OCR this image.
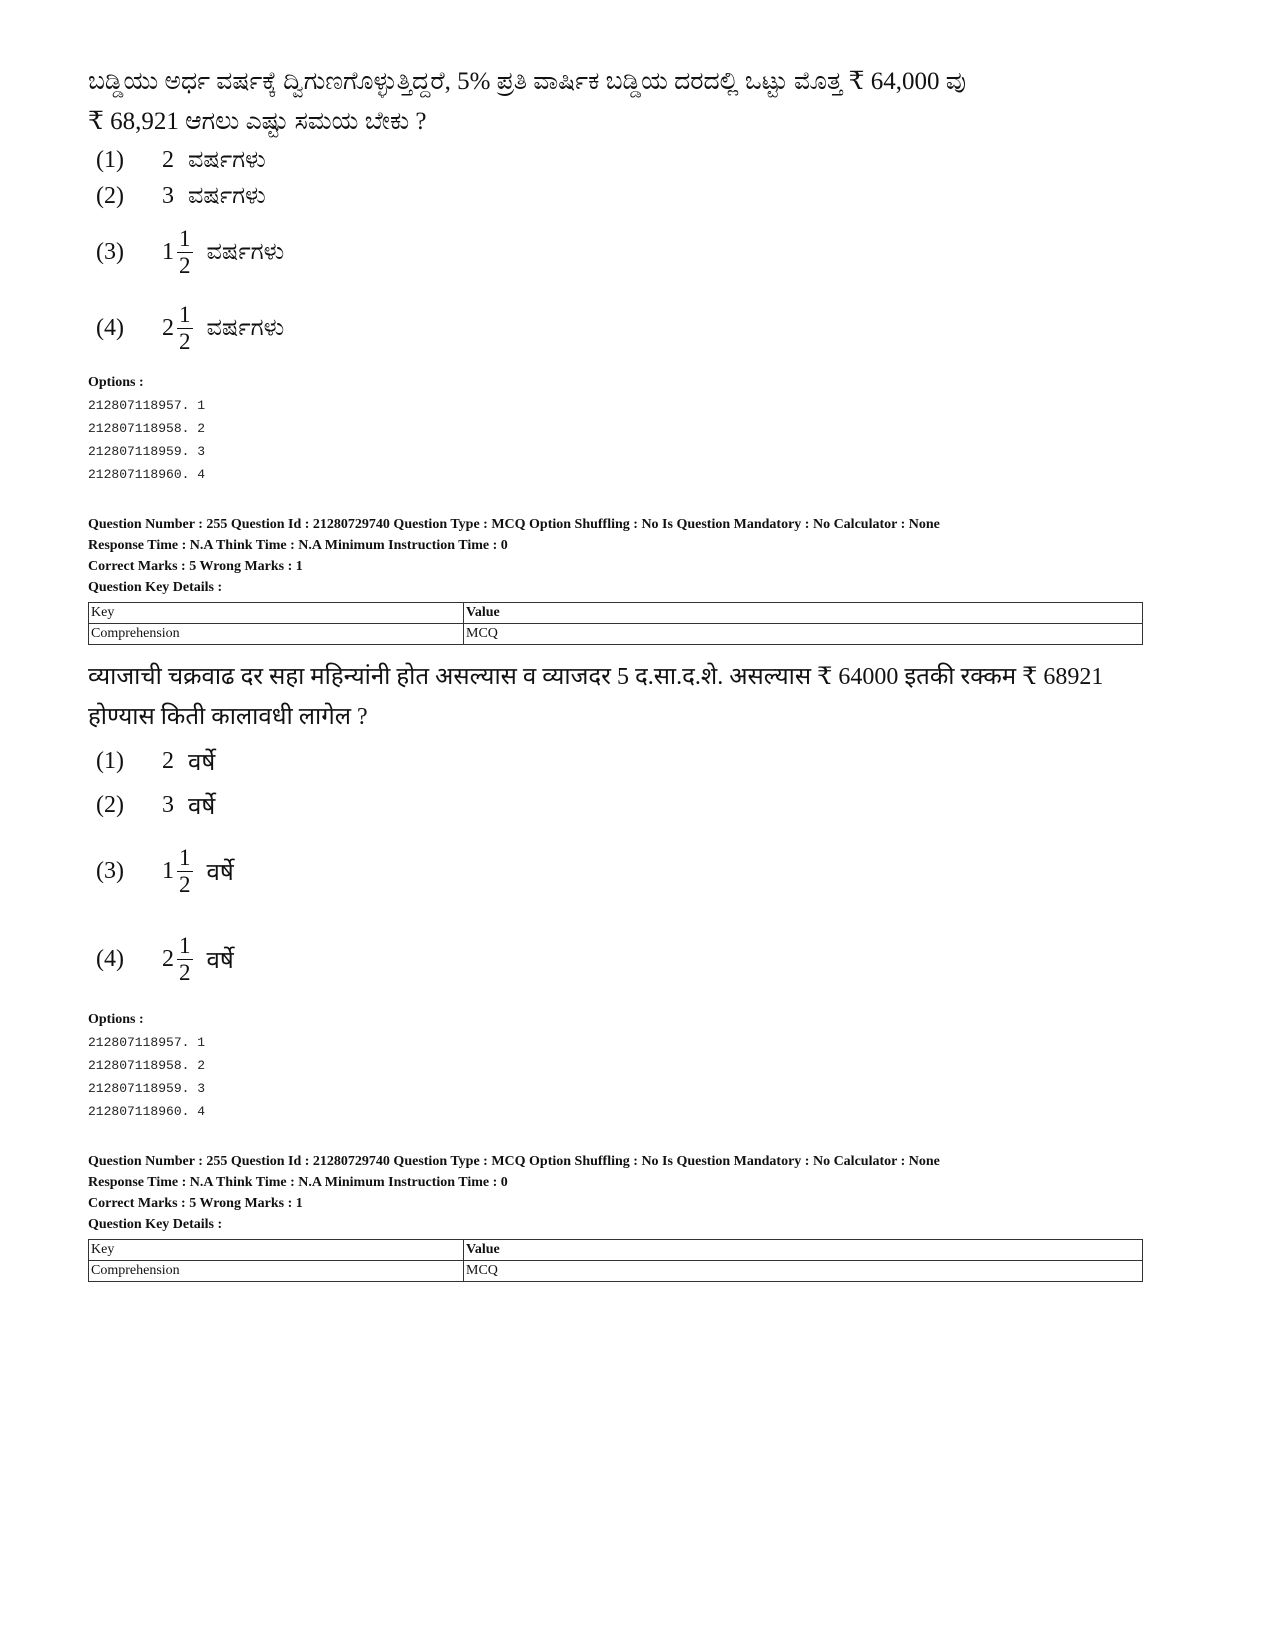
ಬಡ್ಡಿಯು ಅರ್ಧ ವರ್ಷಕ್ಕೆ ದ್ವಿಗುಣಗೊಳ್ಳುತ್ತಿದ್ದರೆ, 5% ಪ್ರತಿ ವಾರ್ಷಿಕ ಬಡ್ಡಿಯ ದರದಲ್ಲಿ ಒಟ್ಟು ಮೊತ್ತ ₹ 64,000 ವು

₹ 68,921 ಆಗಲು ಎಷ್ಟು ಸಮಯ ಬೇಕು ?

(1)	2 ವರ್ಷಗಳು
(2)	3 ವರ್ಷಗಳು
(3)	$1 \frac{1}{2}$ ವರ್ಷಗಳು
(4)	$2 \frac{1}{2}$ ವರ್ಷಗಳು

Options :

212807118957. 1

212807118958. 2

212807118959. 3

212807118960. 4

Question Number : 255 Question Id : 21280729740 Question Type : MCQ Option Shuffling : No Is Question Mandatory : No Calculator : None

Response Time : N.A Think Time : N.A Minimum Instruction Time : 0

Correct Marks : 5 Wrong Marks : 1

Question Key Details :

Key	Value
Comprehension	MCQ

व्याजाची चक्रवाढ दर सहा महिन्यांनी होत असल्यास व व्याजदर 5 द.सा.द.शे. असल्यास ₹ 64000 इतकी रक्कम ₹ 68921

होण्यास किती कालावधी लागेल ?

(1)	2 वर्षे
(2)	3 वर्षे
(3)	$1 \frac{1}{2}$ वर्षे
(4)	$2 \frac{1}{2}$ वर्षे

Options :

212807118957. 1

212807118958. 2

212807118959. 3

212807118960. 4

Question Number : 255 Question Id : 21280729740 Question Type : MCQ Option Shuffling : No Is Question Mandatory : No Calculator : None

Response Time : N.A Think Time : N.A Minimum Instruction Time : 0

Correct Marks : 5 Wrong Marks : 1

Question Key Details :

Key	Value
Comprehension	MCQ
